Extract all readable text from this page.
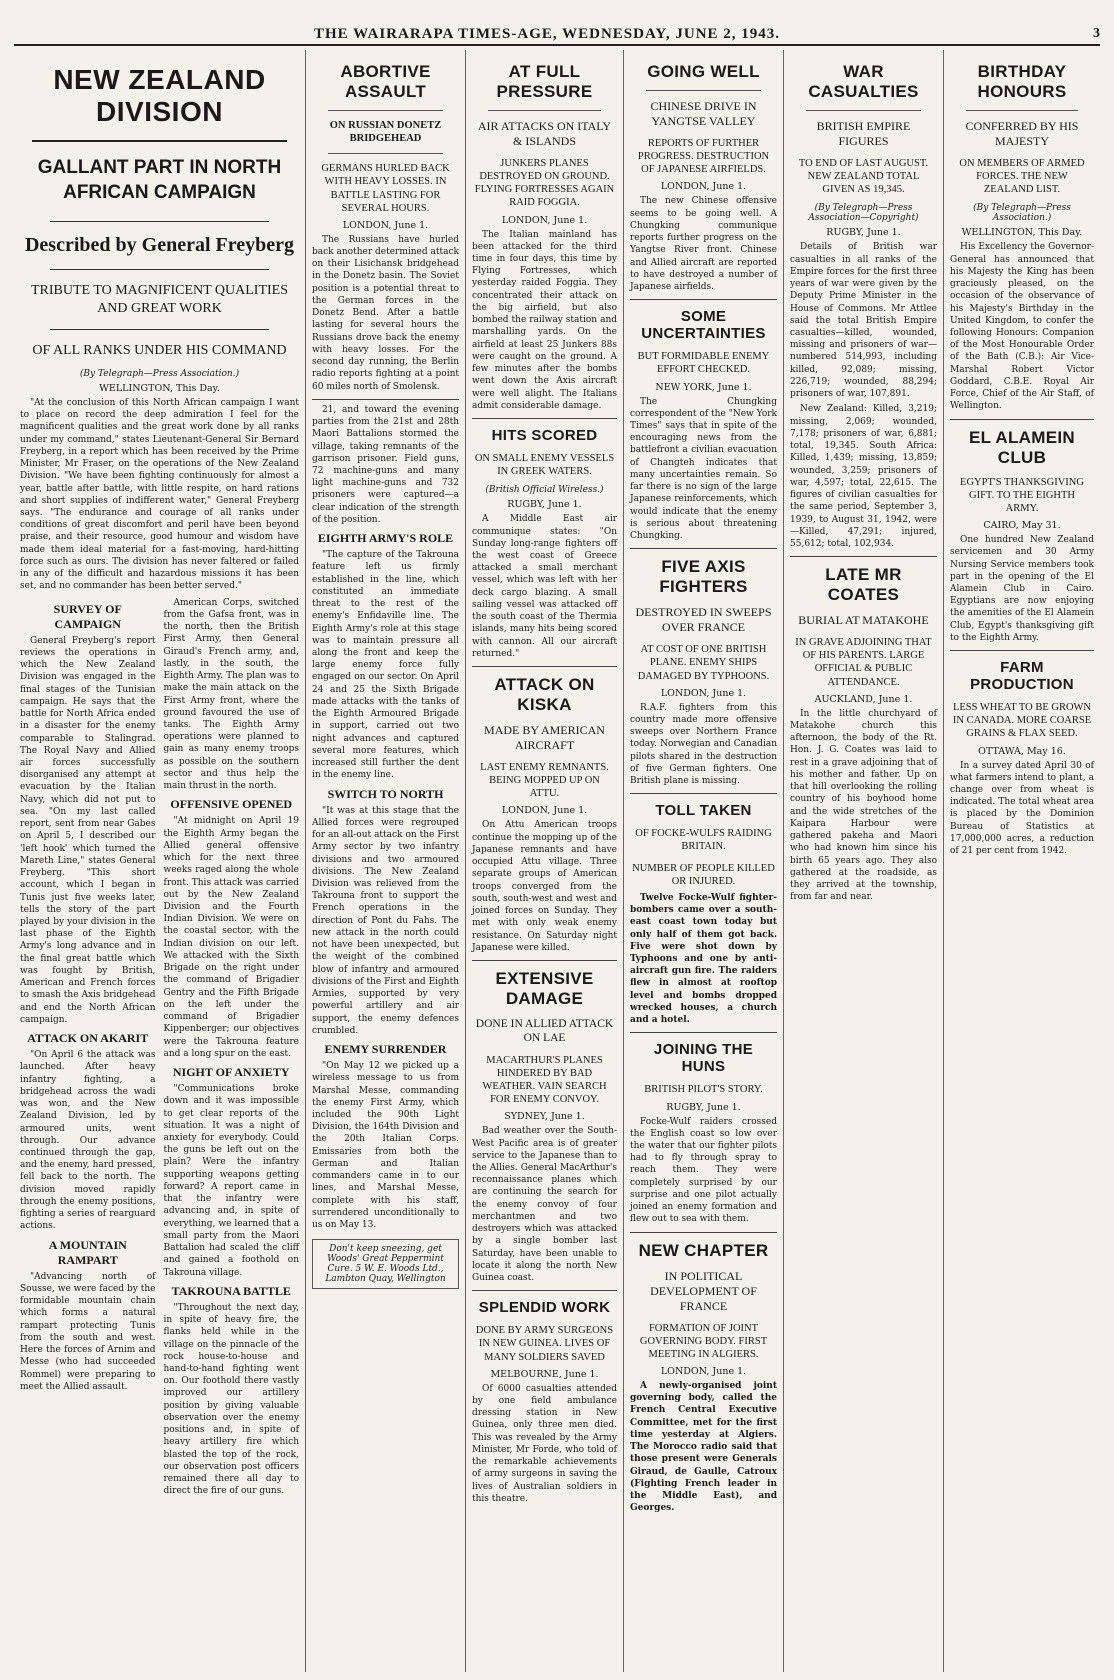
THE WAIRARAPA TIMES-AGE, WEDNESDAY, JUNE 2, 1943.	3
NEW ZEALAND DIVISION
GALLANT PART IN NORTH AFRICAN CAMPAIGN
Described by General Freyberg
TRIBUTE TO MAGNIFICENT QUALITIES AND GREAT WORK
OF ALL RANKS UNDER HIS COMMAND
(By Telegraph—Press Association.)
WELLINGTON, This Day.
"At the conclusion of this North African campaign I want to place on record the deep admiration I feel for the magnificent qualities and the great work done by all ranks under my command," states Lieutenant-General Sir Bernard Freyberg, in a report which has been received by the Prime Minister, Mr Fraser, on the operations of the New Zealand Division. "We have been fighting continuously for almost a year, battle after battle, with little respite, on hard rations and short supplies of indifferent water," General Freyberg says. "The endurance and courage of all ranks under conditions of great discomfort and peril have been beyond praise, and their resource, good humour and wisdom have made them ideal material for a fast-moving, hard-hitting force such as ours. The division has never faltered or failed in any of the difficult and hazardous missions it has been set, and no commander has been better served."
SURVEY OF CAMPAIGN
General Freyberg's report reviews the operations in which the New Zealand Division was engaged in the final stages of the Tunisian campaign. He says that the battle for North Africa ended in a disaster for the enemy comparable to Stalingrad. The Royal Navy and Allied air forces successfully disorganised any attempt at evacuation by the Italian Navy, which did not put to sea. "On my last called report, sent from near Gabes on April 5, I described our 'left hook' which turned the Mareth Line," states General Freyberg. "This short account, which I began in Tunis just five weeks later, tells the story of the part played by your division in the last phase of the Eighth Army's long advance and in the final great battle which was fought by British, American and French forces to smash the Axis bridgehead and end the North African campaign.
ATTACK ON AKARIT
"On April 6 the attack was launched. After heavy infantry fighting, a bridgehead across the wadi was won, and the New Zealand Division, led by armoured units, went through. Our advance continued through the gap, and the enemy, hard pressed, fell back to the north. The division moved rapidly through the enemy positions, fighting a series of rearguard actions.
A MOUNTAIN RAMPART
"Advancing north of Sousse, we were faced by the formidable mountain chain which forms a natural rampart protecting Tunis from the south and west. Here the forces of Arnim and Messe (who had succeeded Rommel) were preparing to meet the Allied assault.
American Corps, switched from the Gafsa front, was in the north, then the British First Army, then General Giraud's French army, and, lastly, in the south, the Eighth Army. The plan was to make the main attack on the First Army front, where the ground favoured the use of tanks. The Eighth Army operations were planned to gain as many enemy troops as possible on the southern sector and thus help the main thrust in the north.
OFFENSIVE OPENED
"At midnight on April 19 the Eighth Army began the Allied general offensive which for the next three weeks raged along the whole front. This attack was carried out by the New Zealand Division and the Fourth Indian Division. We were on the coastal sector, with the Indian division on our left. We attacked with the Sixth Brigade on the right under the command of Brigadier Gentry and the Fifth Brigade on the left under the command of Brigadier Kippenberger; our objectives were the Takrouna feature and a long spur on the east.
NIGHT OF ANXIETY
"Communications broke down and it was impossible to get clear reports of the situation. It was a night of anxiety for everybody. Could the guns be left out on the plain? Were the infantry supporting weapons getting forward? A report came in that the infantry were advancing and, in spite of everything, we learned that a small party from the Maori Battalion had scaled the cliff and gained a foothold on Takrouna village.
TAKROUNA BATTLE
"Throughout the next day, in spite of heavy fire, the flanks held while in the village on the pinnacle of the rock house-to-house and hand-to-hand fighting went on. Our foothold there vastly improved our artillery position by giving valuable observation over the enemy positions and, in spite of heavy artillery fire which blasted the top of the rock, our observation post officers remained there all day to direct the fire of our guns.
ABORTIVE ASSAULT
ON RUSSIAN DONETZ BRIDGEHEAD
GERMANS HURLED BACK WITH HEAVY LOSSES. IN BATTLE LASTING FOR SEVERAL HOURS.
LONDON, June 1.
The Russians have hurled back another determined attack on their Lisichansk bridgehead in the Donetz basin. The Soviet position is a potential threat to the German forces in the Donetz Bend. After a battle lasting for several hours the Russians drove back the enemy with heavy losses. For the second day running, the Berlin radio reports fighting at a point 60 miles north of Smolensk.
21, and toward the evening parties from the 21st and 28th Maori Battalions stormed the village, taking remnants of the garrison prisoner. Field guns, 72 machine-guns and many light machine-guns and 732 prisoners were captured—a clear indication of the strength of the position.
EIGHTH ARMY'S ROLE
"The capture of the Takrouna feature left us firmly established in the line, which constituted an immediate threat to the rest of the enemy's Enfidaville line. The Eighth Army's role at this stage was to maintain pressure all along the front and keep the large enemy force fully engaged on our sector. On April 24 and 25 the Sixth Brigade made attacks with the tanks of the Eighth Armoured Brigade in support, carried out two night advances and captured several more features, which increased still further the dent in the enemy line.
SWITCH TO NORTH
"It was at this stage that the Allied forces were regrouped for an all-out attack on the First Army sector by two infantry divisions and two armoured divisions. The New Zealand Division was relieved from the Takrouna front to support the French operations in the direction of Pont du Fahs. The new attack in the north could not have been unexpected, but the weight of the combined blow of infantry and armoured divisions of the First and Eighth Armies, supported by very powerful artillery and air support, the enemy defences crumbled.
ENEMY SURRENDER
"On May 12 we picked up a wireless message to us from Marshal Messe, commanding the enemy First Army, which included the 90th Light Division, the 164th Division and the 20th Italian Corps. Emissaries from both the German and Italian commanders came in to our lines, and Marshal Messe, complete with his staff, surrendered unconditionally to us on May 13.
Don't keep sneezing, get Woods' Great Peppermint Cure. 5 W. E. Woods Ltd., Lambton Quay, Wellington
AT FULL PRESSURE
AIR ATTACKS ON ITALY & ISLANDS
JUNKERS PLANES DESTROYED ON GROUND. FLYING FORTRESSES AGAIN RAID FOGGIA.
LONDON, June 1.
The Italian mainland has been attacked for the third time in four days, this time by Flying Fortresses, which yesterday raided Foggia. They concentrated their attack on the big airfield, but also bombed the railway station and marshalling yards. On the airfield at least 25 Junkers 88s were caught on the ground. A few minutes after the bombs went down the Axis aircraft were well alight. The Italians admit considerable damage.
HITS SCORED
ON SMALL ENEMY VESSELS IN GREEK WATERS.
(British Official Wireless.)
RUGBY, June 1.
A Middle East air communique states: "On Sunday long-range fighters off the west coast of Greece attacked a small merchant vessel, which was left with her deck cargo blazing. A small sailing vessel was attacked off the south coast of the Thermia islands, many hits being scored with cannon. All our aircraft returned."
ATTACK ON KISKA
MADE BY AMERICAN AIRCRAFT
LAST ENEMY REMNANTS. BEING MOPPED UP ON ATTU.
LONDON, June 1.
On Attu American troops continue the mopping up of the Japanese remnants and have occupied Attu village. Three separate groups of American troops converged from the south, south-west and west and joined forces on Sunday. They met with only weak enemy resistance. On Saturday night Japanese were killed.
EXTENSIVE DAMAGE
DONE IN ALLIED ATTACK ON LAE
MACARTHUR'S PLANES HINDERED BY BAD WEATHER. VAIN SEARCH FOR ENEMY CONVOY.
SYDNEY, June 1.
Bad weather over the South-West Pacific area is of greater service to the Japanese than to the Allies. General MacArthur's reconnaissance planes which are continuing the search for the enemy convoy of four merchantmen and two destroyers which was attacked by a single bomber last Saturday, have been unable to locate it along the north New Guinea coast.
SPLENDID WORK
DONE BY ARMY SURGEONS IN NEW GUINEA. LIVES OF MANY SOLDIERS SAVED
MELBOURNE, June 1.
Of 6000 casualties attended by one field ambulance dressing station in New Guinea, only three men died. This was revealed by the Army Minister, Mr Forde, who told of the remarkable achievements of army surgeons in saving the lives of Australian soldiers in this theatre.
GOING WELL
CHINESE DRIVE IN YANGTSE VALLEY
REPORTS OF FURTHER PROGRESS. DESTRUCTION OF JAPANESE AIRFIELDS.
LONDON, June 1.
The new Chinese offensive seems to be going well. A Chungking communique reports further progress on the Yangtse River front. Chinese and Allied aircraft are reported to have destroyed a number of Japanese airfields.
SOME UNCERTAINTIES
BUT FORMIDABLE ENEMY EFFORT CHECKED.
NEW YORK, June 1.
The Chungking correspondent of the "New York Times" says that in spite of the encouraging news from the battlefront a civilian evacuation of Changteh indicates that many uncertainties remain. So far there is no sign of the large Japanese reinforcements, which would indicate that the enemy is serious about threatening Chungking.
FIVE AXIS FIGHTERS
DESTROYED IN SWEEPS OVER FRANCE
AT COST OF ONE BRITISH PLANE. ENEMY SHIPS DAMAGED BY TYPHOONS.
LONDON, June 1.
R.A.F. fighters from this country made more offensive sweeps over Northern France today. Norwegian and Canadian pilots shared in the destruction of five German fighters. One British plane is missing.
TOLL TAKEN
OF FOCKE-WULFS RAIDING BRITAIN.
NUMBER OF PEOPLE KILLED OR INJURED.
Twelve Focke-Wulf fighter-bombers came over a south-east coast town today but only half of them got back. Five were shot down by Typhoons and one by anti-aircraft gun fire. The raiders flew in almost at rooftop level and bombs dropped wrecked houses, a church and a hotel.
JOINING THE HUNS
BRITISH PILOT'S STORY.
RUGBY, June 1.
Focke-Wulf raiders crossed the English coast so low over the water that our fighter pilots had to fly through spray to reach them. They were completely surprised by our surprise and one pilot actually joined an enemy formation and flew out to sea with them.
NEW CHAPTER
IN POLITICAL DEVELOPMENT OF FRANCE
FORMATION OF JOINT GOVERNING BODY. FIRST MEETING IN ALGIERS.
LONDON, June 1.
A newly-organised joint governing body, called the French Central Executive Committee, met for the first time yesterday at Algiers. The Morocco radio said that those present were Generals Giraud, de Gaulle, Catroux (Fighting French leader in the Middle East), and Georges.
WAR CASUALTIES
BRITISH EMPIRE FIGURES
TO END OF LAST AUGUST. NEW ZEALAND TOTAL GIVEN AS 19,345.
(By Telegraph—Press Association—Copyright)
RUGBY, June 1.
Details of British war casualties in all ranks of the Empire forces for the first three years of war were given by the Deputy Prime Minister in the House of Commons. Mr Attlee said the total British Empire casualties—killed, wounded, missing and prisoners of war—numbered 514,993, including killed, 92,089; missing, 226,719; wounded, 88,294; prisoners of war, 107,891.
New Zealand: Killed, 3,219; missing, 2,069; wounded, 7,178; prisoners of war, 6,881; total, 19,345. South Africa: Killed, 1,439; missing, 13,859; wounded, 3,259; prisoners of war, 4,597; total, 22,615. The figures of civilian casualties for the same period, September 3, 1939, to August 31, 1942, were—Killed, 47,291; injured, 55,612; total, 102,934.
LATE MR COATES
BURIAL AT MATAKOHE
IN GRAVE ADJOINING THAT OF HIS PARENTS. LARGE OFFICIAL & PUBLIC ATTENDANCE.
AUCKLAND, June 1.
In the little churchyard of Matakohe church this afternoon, the body of the Rt. Hon. J. G. Coates was laid to rest in a grave adjoining that of his mother and father. Up on that hill overlooking the rolling country of his boyhood home and the wide stretches of the Kaipara Harbour were gathered pakeha and Maori who had known him since his birth 65 years ago. They also gathered at the roadside, as they arrived at the township, from far and near.
BIRTHDAY HONOURS
CONFERRED BY HIS MAJESTY
ON MEMBERS OF ARMED FORCES. THE NEW ZEALAND LIST.
(By Telegraph—Press Association.)
WELLINGTON, This Day.
His Excellency the Governor-General has announced that his Majesty the King has been graciously pleased, on the occasion of the observance of his Majesty's Birthday in the United Kingdom, to confer the following Honours: Companion of the Most Honourable Order of the Bath (C.B.): Air Vice-Marshal Robert Victor Goddard, C.B.E. Royal Air Force, Chief of the Air Staff, of Wellington.
EL ALAMEIN CLUB
EGYPT'S THANKSGIVING GIFT. TO THE EIGHTH ARMY.
CAIRO, May 31.
One hundred New Zealand servicemen and 30 Army Nursing Service members took part in the opening of the El Alamein Club in Cairo. Egyptians are now enjoying the amenities of the El Alamein Club, Egypt's thanksgiving gift to the Eighth Army.
FARM PRODUCTION
LESS WHEAT TO BE GROWN IN CANADA. MORE COARSE GRAINS & FLAX SEED.
OTTAWA, May 16.
In a survey dated April 30 of what farmers intend to plant, a change over from wheat is indicated. The total wheat area is placed by the Dominion Bureau of Statistics at 17,000,000 acres, a reduction of 21 per cent from 1942.
